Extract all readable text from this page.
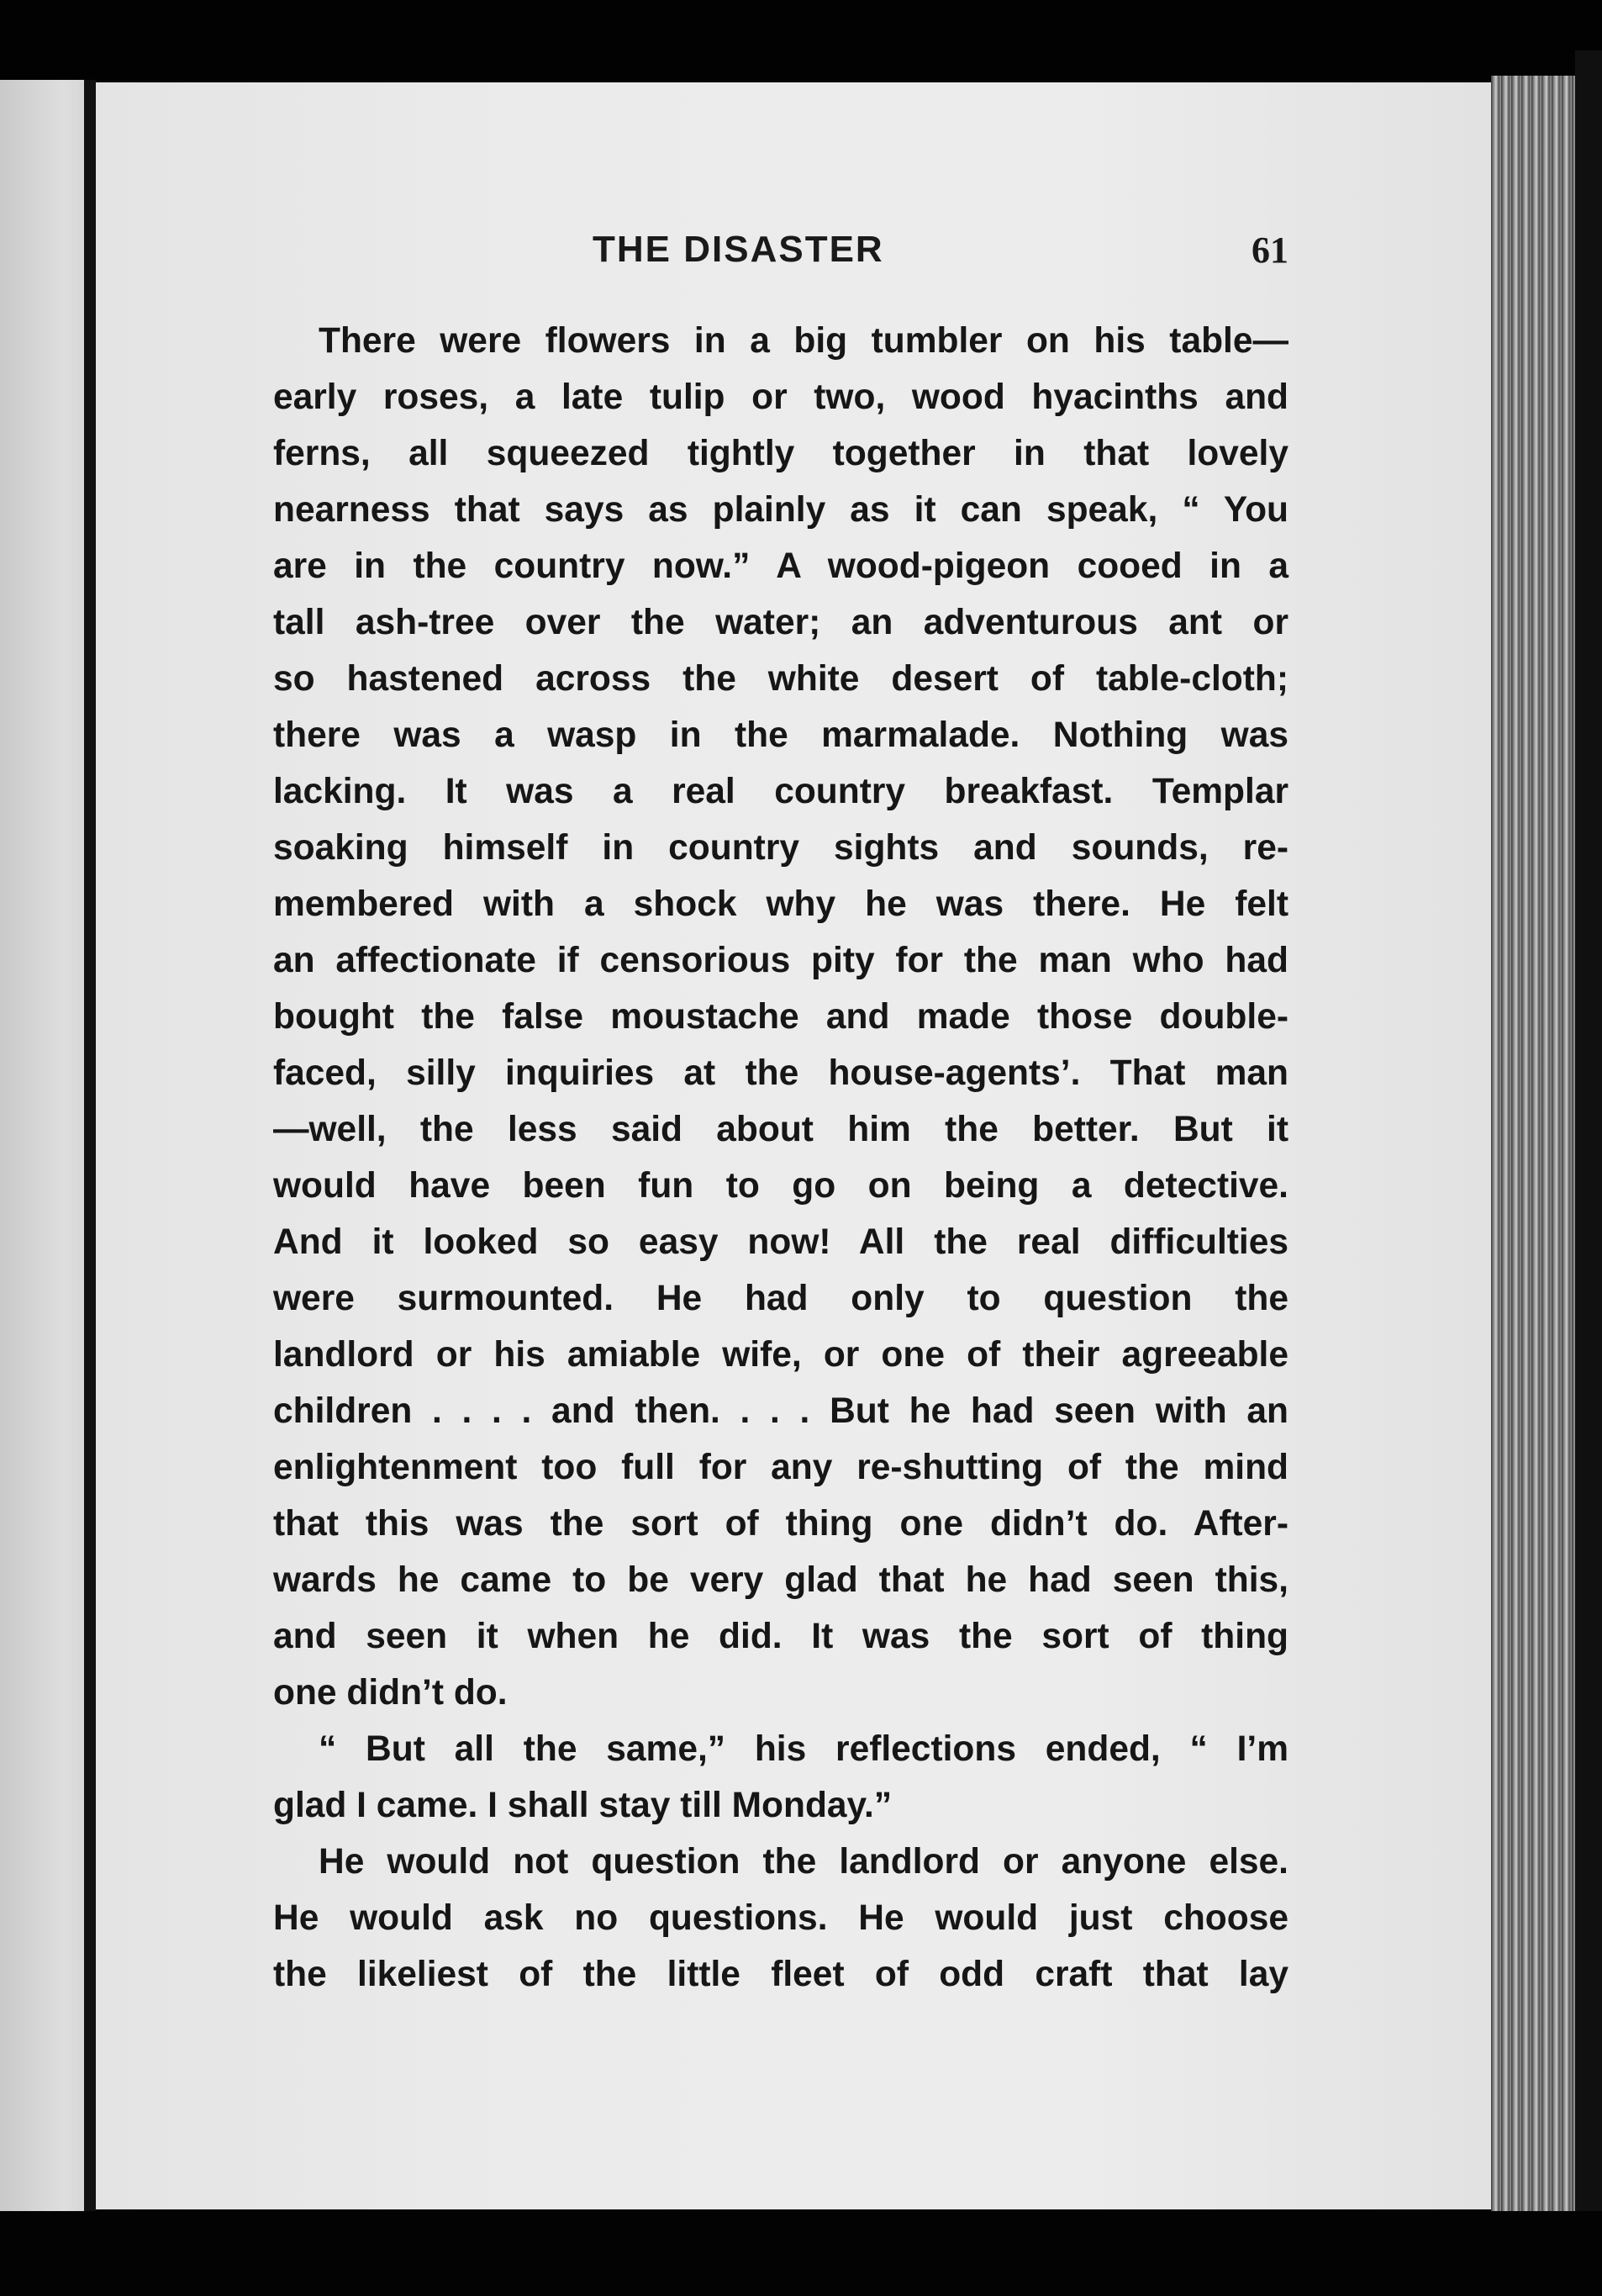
THE DISASTER	61
There were flowers in a big tumbler on his table—
early roses, a late tulip or two, wood hyacinths and
ferns, all squeezed tightly together in that lovely
nearness that says as plainly as it can speak, “ You
are in the country now.” A wood-pigeon cooed in a
tall ash-tree over the water; an adventurous ant or
so hastened across the white desert of table-cloth;
there was a wasp in the marmalade. Nothing was
lacking. It was a real country breakfast. Templar
soaking himself in country sights and sounds, re-
membered with a shock why he was there. He felt
an affectionate if censorious pity for the man who had
bought the false moustache and made those double-
faced, silly inquiries at the house-agents’. That man
—well, the less said about him the better. But it
would have been fun to go on being a detective.
And it looked so easy now! All the real difficulties
were surmounted. He had only to question the
landlord or his amiable wife, or one of their agreeable
children . . . . and then. . . . But he had seen with an
enlightenment too full for any re-shutting of the mind
that this was the sort of thing one didn’t do. After-
wards he came to be very glad that he had seen this,
and seen it when he did. It was the sort of thing
one didn’t do.
“ But all the same,” his reflections ended, “ I’m
glad I came. I shall stay till Monday.”
He would not question the landlord or anyone else.
He would ask no questions. He would just choose
the likeliest of the little fleet of odd craft that lay
